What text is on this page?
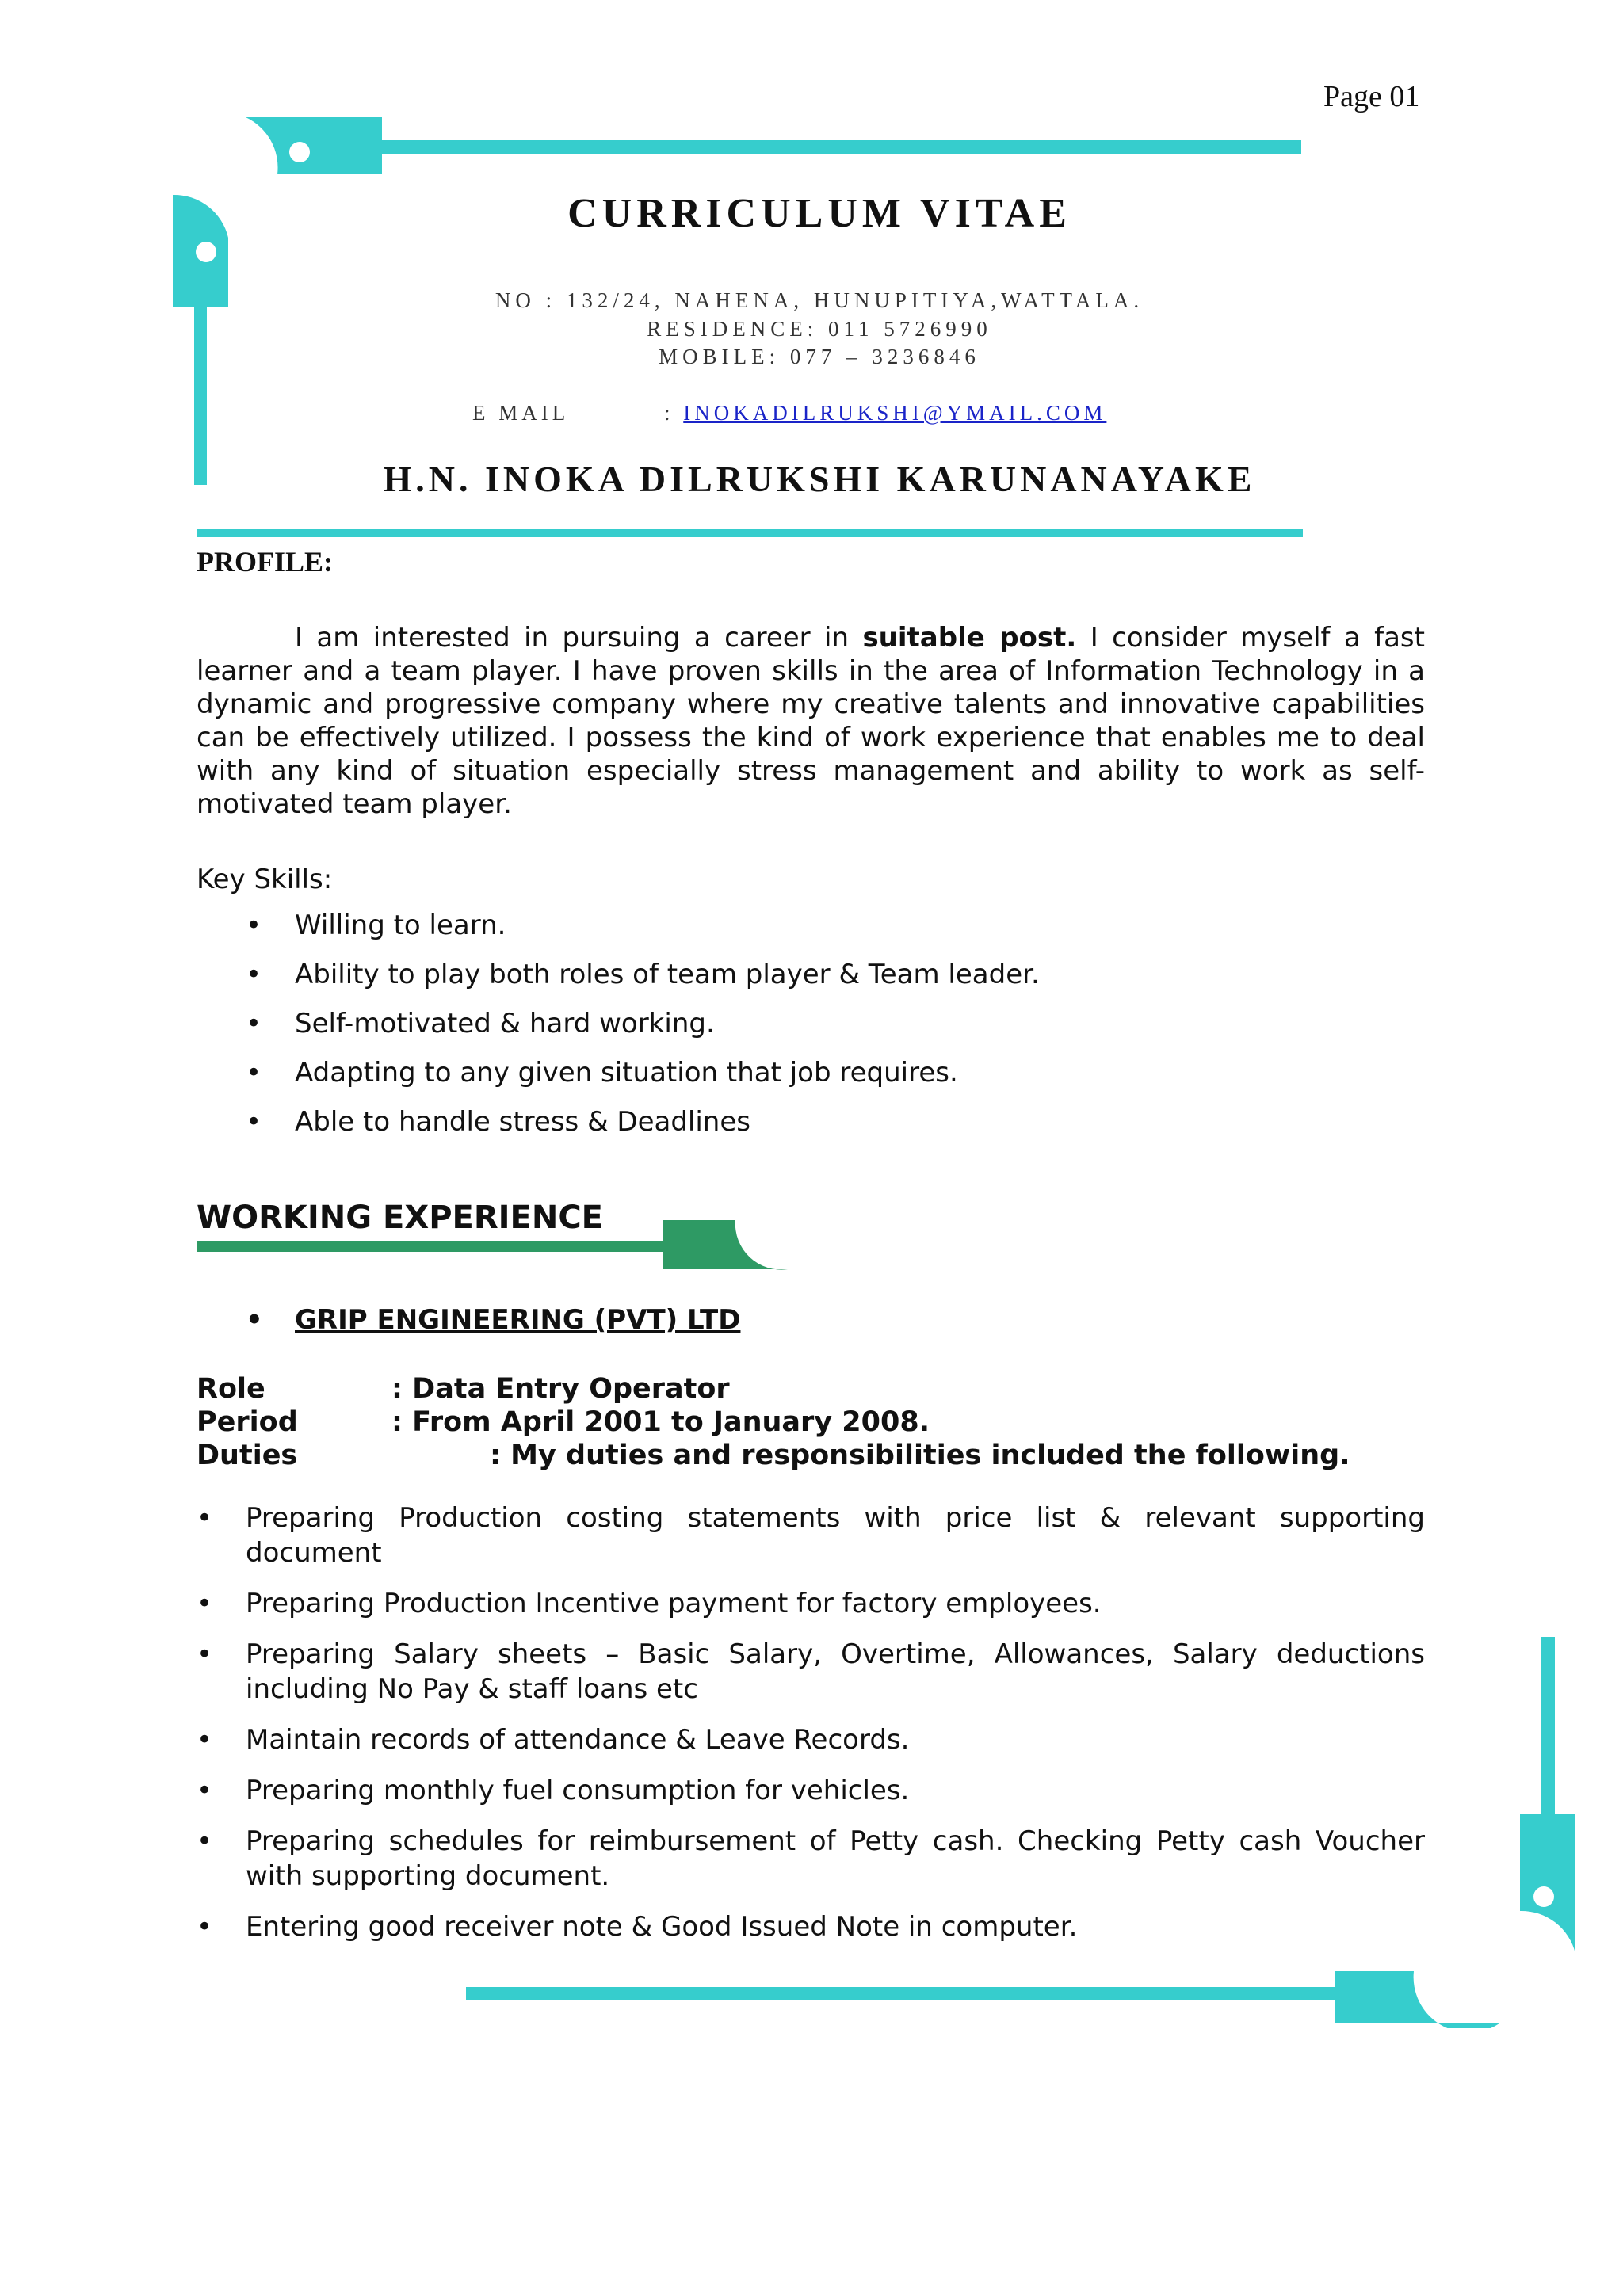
Page 01
CURRICULUM VITAE
NO : 132/24, NAHENA, HUNUPITIYA,WATTALA.
RESIDENCE: 011 5726990
MOBILE: 077 – 3236846
E MAIL	: INOKADILRUKSHI@YMAIL.COM
H.N. INOKA DILRUKSHI KARUNANAYAKE
PROFILE:
I am interested in pursuing a career in suitable post. I consider myself a fast learner and a team player. I have proven skills in the area of Information Technology in a dynamic and progressive company where my creative talents and innovative capabilities can be effectively utilized. I possess the kind of work experience that enables me to deal with any kind of situation especially stress management and ability to work as self-motivated team player.
Key Skills:
• Willing to learn.
• Ability to play both roles of team player & Team leader.
• Self-motivated & hard working.
• Adapting to any given situation that job requires.
• Able to handle stress & Deadlines
WORKING EXPERIENCE
• GRIP ENGINEERING (PVT) LTD
Role	: Data Entry Operator
Period	: From April 2001 to January 2008.
Duties	: My duties and responsibilities included the following.
• Preparing Production costing statements with price list & relevant supporting document
• Preparing Production Incentive payment for factory employees.
• Preparing Salary sheets – Basic Salary, Overtime, Allowances, Salary deductions including No Pay & staff loans etc
• Maintain records of attendance & Leave Records.
• Preparing monthly fuel consumption for vehicles.
• Preparing schedules for reimbursement of Petty cash. Checking Petty cash Voucher with supporting document.
• Entering good receiver note & Good Issued Note in computer.
